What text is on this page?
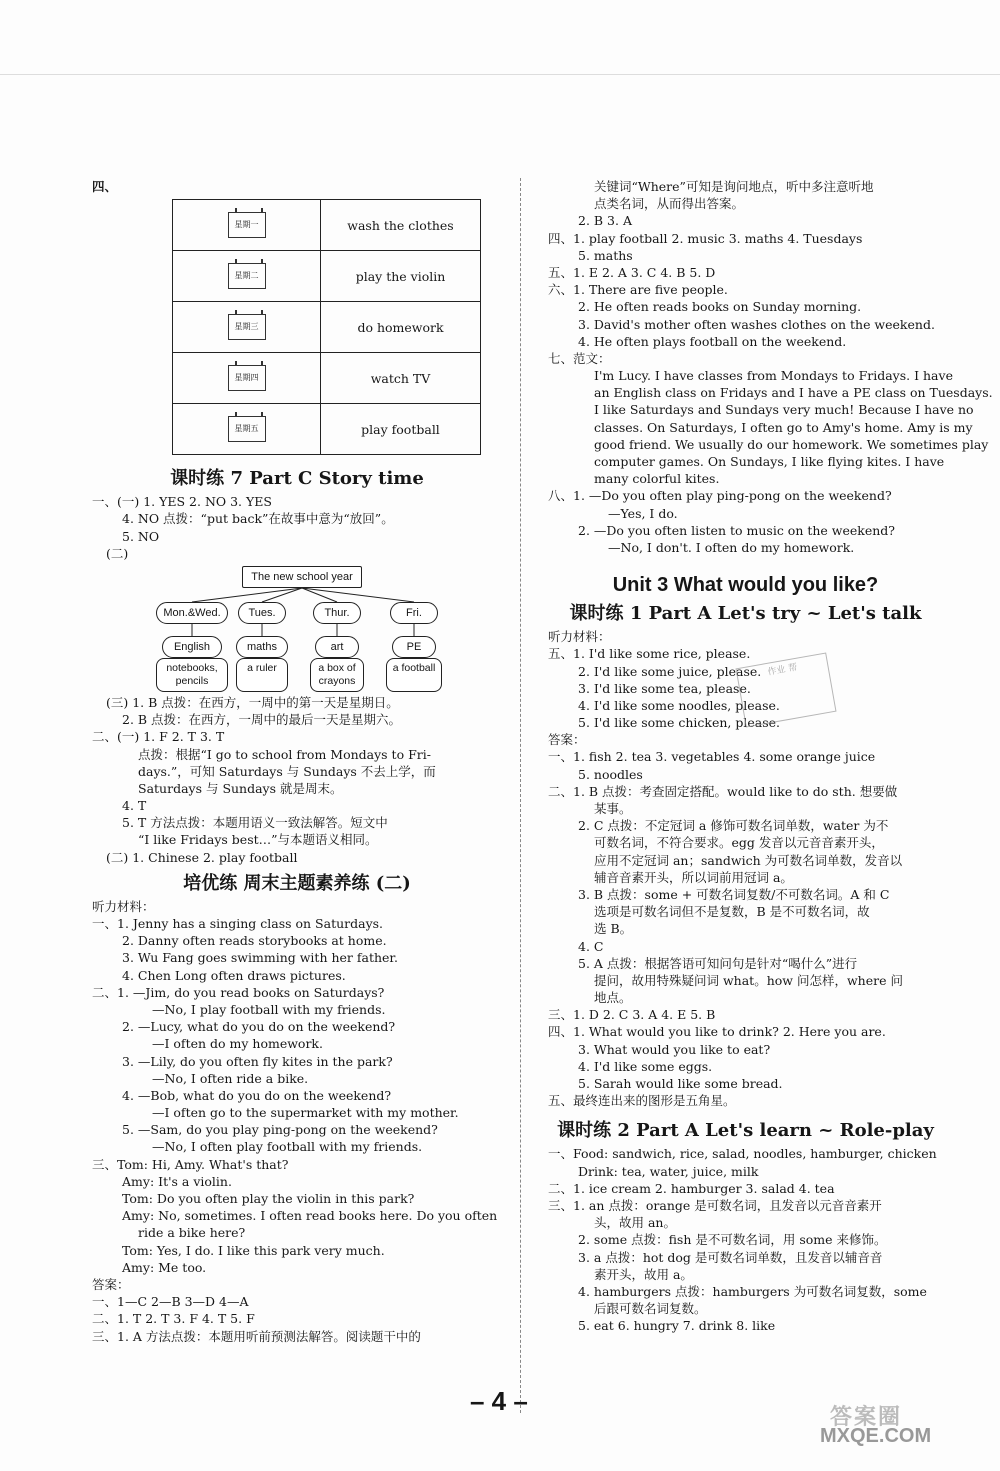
四、
星期一	wash the clothes
星期二	play the violin
星期三	do homework
星期四	watch TV
星期五	play football
课时练 7 Part C Story time
一、(一) 1. YES 2. NO 3. YES
4. NO 点拨：“put back”在故事中意为“放回”。
5. NO
(二)
The new school year
Mon.&Wed.	Tues.	Thur.	Fri.
English	maths	art	PE
notebooks, pencils
a ruler	a box of crayons
a football
(三) 1. B 点拨：在西方，一周中的第一天是星期日。
2. B 点拨：在西方，一周中的最后一天是星期六。
二、(一) 1. F 2. T 3. T
点拨：根据“I go to school from Mondays to Fri-
days.”，可知 Saturdays 与 Sundays 不去上学，而
Saturdays 与 Sundays 就是周末。
4. T
5. T 方法点拨：本题用语义一致法解答。短文中
“I like Fridays best…”与本题语义相同。
(二) 1. Chinese 2. play football
培优练 周末主题素养练 (二)
听力材料：
一、1. Jenny has a singing class on Saturdays.
2. Danny often reads storybooks at home.
3. Wu Fang goes swimming with her father.
4. Chen Long often draws pictures.
二、1. —Jim, do you read books on Saturdays?
—No, I play football with my friends.
2. —Lucy, what do you do on the weekend?
—I often do my homework.
3. —Lily, do you often fly kites in the park?
—No, I often ride a bike.
4. —Bob, what do you do on the weekend?
—I often go to the supermarket with my mother.
5. —Sam, do you play ping-pong on the weekend?
—No, I often play football with my friends.
三、Tom: Hi, Amy. What's that?
Amy: It's a violin.
Tom: Do you often play the violin in this park?
Amy: No, sometimes. I often read books here. Do you often
ride a bike here?
Tom: Yes, I do. I like this park very much.
Amy: Me too.
答案：
一、1—C 2—B 3—D 4—A
二、1. T 2. T 3. F 4. T 5. F
三、1. A 方法点拨：本题用听前预测法解答。阅读题干中的
关键词“Where”可知是询问地点，听中多注意听地
点类名词，从而得出答案。
2. B 3. A
四、1. play football 2. music 3. maths 4. Tuesdays
5. maths
五、1. E 2. A 3. C 4. B 5. D
六、1. There are five people.
2. He often reads books on Sunday morning.
3. David's mother often washes clothes on the weekend.
4. He often plays football on the weekend.
七、范文：
I'm Lucy. I have classes from Mondays to Fridays. I have
an English class on Fridays and I have a PE class on Tuesdays.
I like Saturdays and Sundays very much! Because I have no
classes. On Saturdays, I often go to Amy's home. Amy is my
good friend. We usually do our homework. We sometimes play
computer games. On Sundays, I like flying kites. I have
many colorful kites.
八、1. —Do you often play ping-pong on the weekend?
—Yes, I do.
2. —Do you often listen to music on the weekend?
—No, I don't. I often do my homework.
Unit 3 What would you like?
课时练 1 Part A Let's try ~ Let's talk
听力材料：
五、1. I'd like some rice, please.
2. I'd like some juice, please.
3. I'd like some tea, please.
4. I'd like some noodles, please.
5. I'd like some chicken, please.
答案：
一、1. fish 2. tea 3. vegetables 4. some orange juice
5. noodles
二、1. B 点拨：考查固定搭配。would like to do sth. 想要做
某事。
2. C 点拨：不定冠词 a 修饰可数名词单数，water 为不
可数名词，不符合要求。egg 发音以元音音素开头，
应用不定冠词 an；sandwich 为可数名词单数，发音以
辅音音素开头，所以词前用冠词 a。
3. B 点拨：some + 可数名词复数/不可数名词。A 和 C
选项是可数名词但不是复数，B 是不可数名词，故
选 B。
4. C
5. A 点拨：根据答语可知问句是针对“喝什么”进行
提问，故用特殊疑问词 what。how 问怎样，where 问
地点。
三、1. D 2. C 3. A 4. E 5. B
四、1. What would you like to drink? 2. Here you are.
3. What would you like to eat?
4. I'd like some eggs.
5. Sarah would like some bread.
五、最终连出来的图形是五角星。
课时练 2 Part A Let's learn ~ Role-play
一、Food: sandwich, rice, salad, noodles, hamburger, chicken
Drink: tea, water, juice, milk
二、1. ice cream 2. hamburger 3. salad 4. tea
三、1. an 点拨：orange 是可数名词，且发音以元音音素开
头，故用 an。
2. some 点拨：fish 是不可数名词，用 some 来修饰。
3. a 点拨：hot dog 是可数名词单数，且发音以辅音音
素开头，故用 a。
4. hamburgers 点拨：hamburgers 为可数名词复数，some
后跟可数名词复数。
5. eat 6. hungry 7. drink 8. like
作业 帮
– 4 –
答案圈
MXQE.COM
